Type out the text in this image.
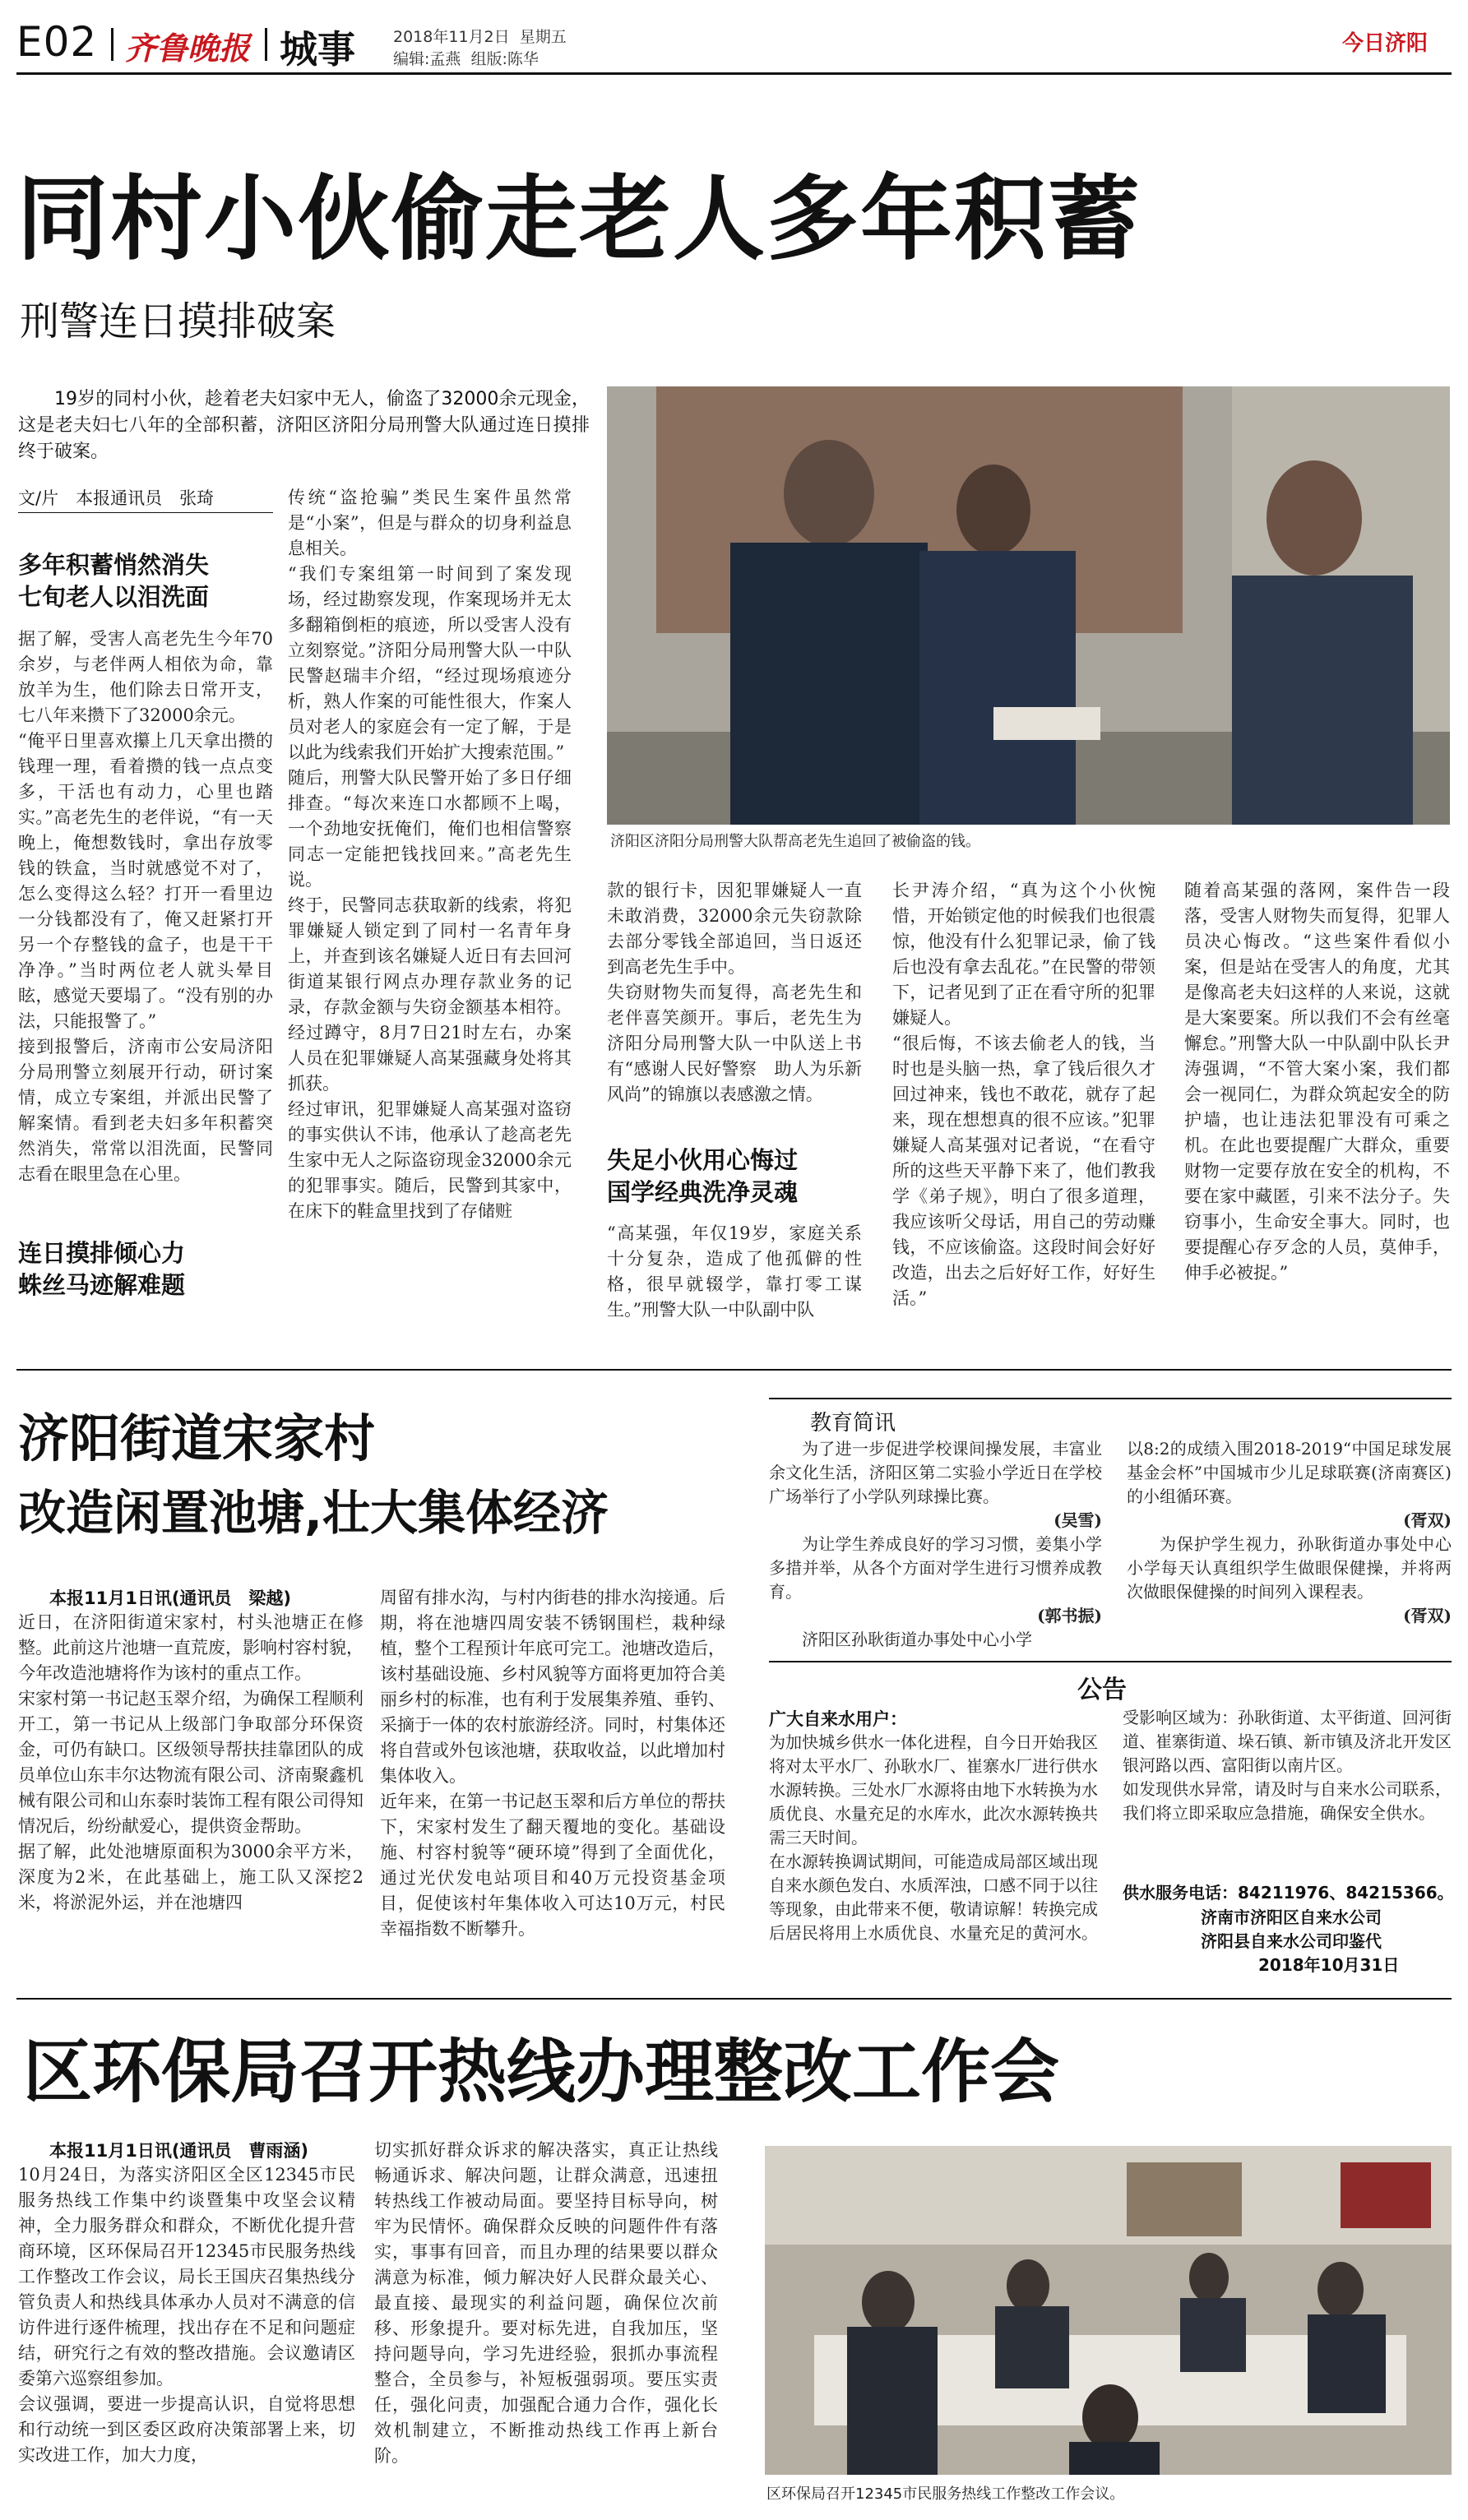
E02 齐鲁晚报 城事 2018年11月2日 星期五
编辑:孟燕 组版:陈华
今日济阳
同村小伙偷走老人多年积蓄
刑警连日摸排破案
19岁的同村小伙，趁着老夫妇家中无人，偷盗了32000余元现金，这是老夫妇七八年的全部积蓄，济阳区济阳分局刑警大队通过连日摸排终于破案。
文/片　本报通讯员　张琦
济阳区济阳分局刑警大队帮高老先生追回了被偷盗的钱。
多年积蓄悄然消失
七旬老人以泪洗面
据了解，受害人高老先生今年70余岁，与老伴两人相依为命，靠放羊为生，他们除去日常开支，七八年来攒下了32000余元。
“俺平日里喜欢攥上几天拿出攒的钱理一理，看着攒的钱一点点变多，干活也有动力，心里也踏实。”高老先生的老伴说，“有一天晚上，俺想数钱时，拿出存放零钱的铁盒，当时就感觉不对了，怎么变得这么轻？打开一看里边一分钱都没有了，俺又赶紧打开另一个存整钱的盒子，也是干干净净。”当时两位老人就头晕目眩，感觉天要塌了。“没有别的办法，只能报警了。”
接到报警后，济南市公安局济阳分局刑警立刻展开行动，研讨案情，成立专案组，并派出民警了解案情。看到老夫妇多年积蓄突然消失，常常以泪洗面，民警同志看在眼里急在心里。
连日摸排倾心力
蛛丝马迹解难题
传统“盗抢骗”类民生案件虽然常是“小案”，但是与群众的切身利益息息相关。
“我们专案组第一时间到了案发现场，经过勘察发现，作案现场并无太多翻箱倒柜的痕迹，所以受害人没有立刻察觉。”济阳分局刑警大队一中队民警赵瑞丰介绍，“经过现场痕迹分析，熟人作案的可能性很大，作案人员对老人的家庭会有一定了解，于是以此为线索我们开始扩大搜索范围。”
随后，刑警大队民警开始了多日仔细排查。“每次来连口水都顾不上喝，一个劲地安抚俺们，俺们也相信警察同志一定能把钱找回来。”高老先生说。
终于，民警同志获取新的线索，将犯罪嫌疑人锁定到了同村一名青年身上，并查到该名嫌疑人近日有去回河街道某银行网点办理存款业务的记录，存款金额与失窃金额基本相符。经过蹲守，8月7日21时左右，办案人员在犯罪嫌疑人高某强藏身处将其抓获。
经过审讯，犯罪嫌疑人高某强对盗窃的事实供认不讳，他承认了趁高老先生家中无人之际盗窃现金32000余元的犯罪事实。随后，民警到其家中，在床下的鞋盒里找到了存储赃
款的银行卡，因犯罪嫌疑人一直未敢消费，32000余元失窃款除去部分零钱全部追回，当日返还到高老先生手中。
失窃财物失而复得，高老先生和老伴喜笑颜开。事后，老先生为济阳分局刑警大队一中队送上书有“感谢人民好警察　助人为乐新风尚”的锦旗以表感激之情。
失足小伙用心悔过
国学经典洗净灵魂
“高某强，年仅19岁，家庭关系十分复杂，造成了他孤僻的性格，很早就辍学，靠打零工谋生。”刑警大队一中队副中队
长尹涛介绍，“真为这个小伙惋惜，开始锁定他的时候我们也很震惊，他没有什么犯罪记录，偷了钱后也没有拿去乱花。”在民警的带领下，记者见到了正在看守所的犯罪嫌疑人。
“很后悔，不该去偷老人的钱，当时也是头脑一热，拿了钱后很久才回过神来，钱也不敢花，就存了起来，现在想想真的很不应该。”犯罪嫌疑人高某强对记者说，“在看守所的这些天平静下来了，他们教我学《弟子规》，明白了很多道理，我应该听父母话，用自己的劳动赚钱，不应该偷盗。这段时间会好好改造，出去之后好好工作，好好生活。”
随着高某强的落网，案件告一段落，受害人财物失而复得，犯罪人员决心悔改。“这些案件看似小案，但是站在受害人的角度，尤其是像高老夫妇这样的人来说，这就是大案要案。所以我们不会有丝毫懈怠。”刑警大队一中队副中队长尹涛强调，“不管大案小案，我们都会一视同仁，为群众筑起安全的防护墙，也让违法犯罪没有可乘之机。在此也要提醒广大群众，重要财物一定要存放在安全的机构，不要在家中藏匿，引来不法分子。失窃事小，生命安全事大。同时，也要提醒心存歹念的人员，莫伸手，伸手必被捉。”
济阳街道宋家村
改造闲置池塘,壮大集体经济
本报11月1日讯(通讯员　梁越)
近日，在济阳街道宋家村，村头池塘正在修整。此前这片池塘一直荒废，影响村容村貌，今年改造池塘将作为该村的重点工作。
宋家村第一书记赵玉翠介绍，为确保工程顺利开工，第一书记从上级部门争取部分环保资金，可仍有缺口。区级领导帮扶挂靠团队的成员单位山东丰尔达物流有限公司、济南聚鑫机械有限公司和山东泰时装饰工程有限公司得知情况后，纷纷献爱心，提供资金帮助。
据了解，此处池塘原面积为3000余平方米，深度为2米，在此基础上，施工队又深挖2米，将淤泥外运，并在池塘四
周留有排水沟，与村内街巷的排水沟接通。后期，将在池塘四周安装不锈钢围栏，栽种绿植，整个工程预计年底可完工。池塘改造后，该村基础设施、乡村风貌等方面将更加符合美丽乡村的标准，也有利于发展集养殖、垂钓、采摘于一体的农村旅游经济。同时，村集体还将自营或外包该池塘，获取收益，以此增加村集体收入。
近年来，在第一书记赵玉翠和后方单位的帮扶下，宋家村发生了翻天覆地的变化。基础设施、村容村貌等“硬环境”得到了全面优化，通过光伏发电站项目和40万元投资基金项目，促使该村年集体收入可达10万元，村民幸福指数不断攀升。
教育简讯

为了进一步促进学校课间操发展，丰富业余文化生活，济阳区第二实验小学近日在学校广场举行了小学队列球操比赛。

(吴雪)

为让学生养成良好的学习习惯，姜集小学多措并举，从各个方面对学生进行习惯养成教育。

(郭书振)

济阳区孙耿街道办事处中心小学

以8:2的成绩入围2018-2019“中国足球发展基金会杯”中国城市少儿足球联赛(济南赛区)的小组循环赛。
(胥双)

为保护学生视力，孙耿街道办事处中心小学每天认真组织学生做眼保健操，并将两次做眼保健操的时间列入课程表。

(胥双)
公告
广大自来水用户：
为加快城乡供水一体化进程，自今日开始我区将对太平水厂、孙耿水厂、崔寨水厂进行供水水源转换。三处水厂水源将由地下水转换为水质优良、水量充足的水库水，此次水源转换共需三天时间。
在水源转换调试期间，可能造成局部区域出现自来水颜色发白、水质浑浊，口感不同于以往等现象，由此带来不便，敬请谅解！转换完成后居民将用上水质优良、水量充足的黄河水。
受影响区域为：孙耿街道、太平街道、回河街道、崔寨街道、垛石镇、新市镇及济北开发区银河路以西、富阳街以南片区。
如发现供水异常，请及时与自来水公司联系，我们将立即采取应急措施，确保安全供水。
供水服务电话：84211976、84215366。
济南市济阳区自来水公司
济阳县自来水公司印鉴代
2018年10月31日
区环保局召开热线办理整改工作会
本报11月1日讯(通讯员　曹雨涵)
10月24日，为落实济阳区全区12345市民服务热线工作集中约谈暨集中攻坚会议精神，全力服务群众和群众，不断优化提升营商环境，区环保局召开12345市民服务热线工作整改工作会议，局长王国庆召集热线分管负责人和热线具体承办人员对不满意的信访件进行逐件梳理，找出存在不足和问题症结，研究行之有效的整改措施。会议邀请区委第六巡察组参加。
会议强调，要进一步提高认识，自觉将思想和行动统一到区委区政府决策部署上来，切实改进工作，加大力度，
切实抓好群众诉求的解决落实，真正让热线畅通诉求、解决问题，让群众满意，迅速扭转热线工作被动局面。要坚持目标导向，树牢为民情怀。确保群众反映的问题件件有落实，事事有回音，而且办理的结果要以群众满意为标准，倾力解决好人民群众最关心、最直接、最现实的利益问题，确保位次前移、形象提升。要对标先进，自我加压，坚持问题导向，学习先进经验，狠抓办事流程整合，全员参与，补短板强弱项。要压实责任，强化问责，加强配合通力合作，强化长效机制建立，不断推动热线工作再上新台阶。
区环保局召开12345市民服务热线工作整改工作会议。
